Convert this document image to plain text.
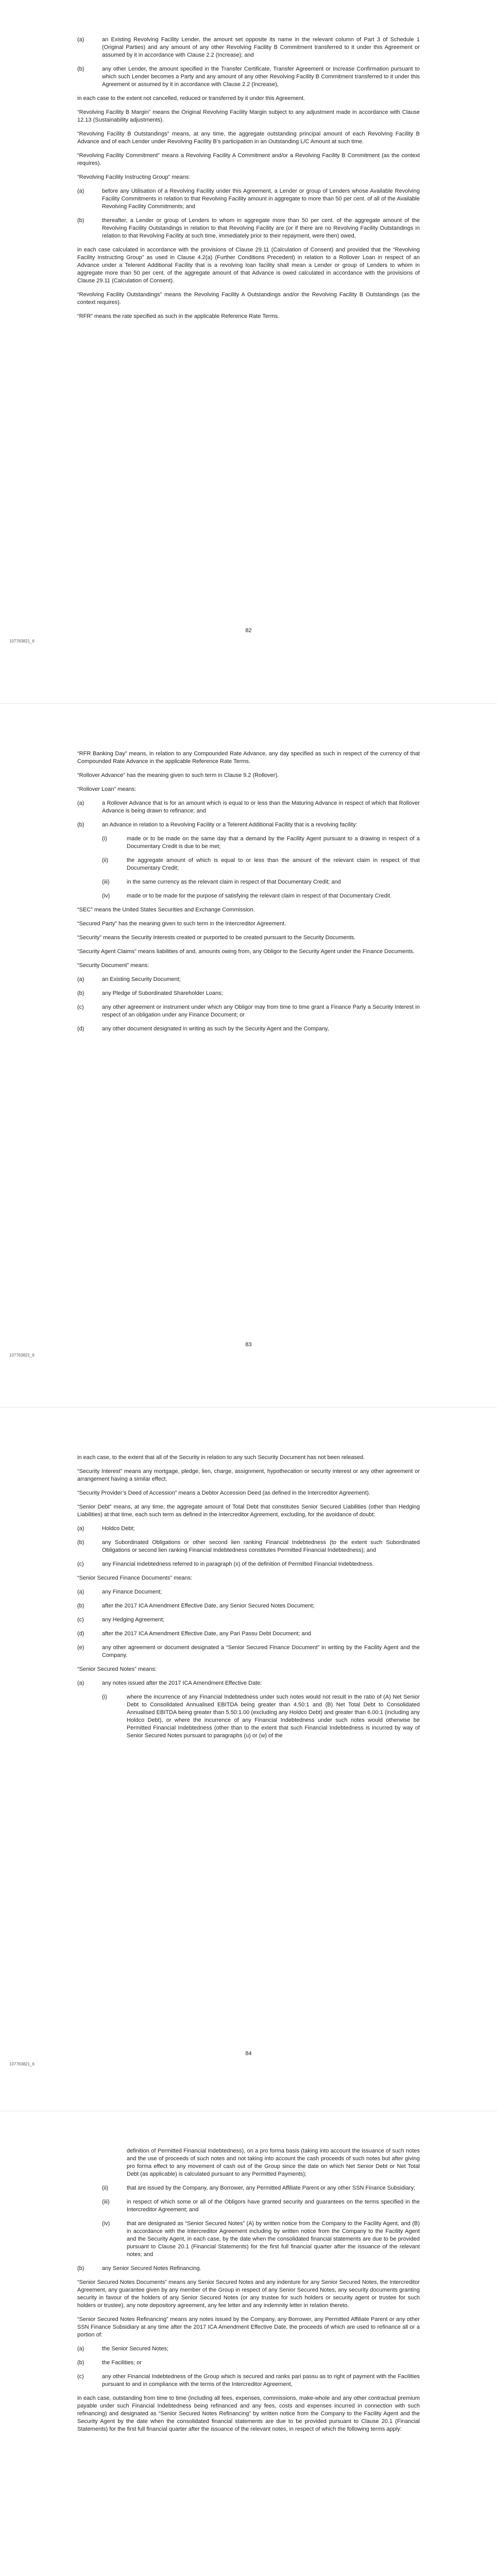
(a)	an Existing Revolving Facility Lender, the amount set opposite its name in the relevant column of Part 3 of Schedule 1 (Original Parties) and any amount of any other Revolving Facility B Commitment transferred to it under this Agreement or assumed by it in accordance with Clause 2.2 (Increase); and
(b)	any other Lender, the amount specified in the Transfer Certificate, Transfer Agreement or Increase Confirmation pursuant to which such Lender becomes a Party and any amount of any other Revolving Facility B Commitment transferred to it under this Agreement or assumed by it in accordance with Clause 2.2 (Increase),

in each case to the extent not cancelled, reduced or transferred by it under this Agreement.

“Revolving Facility B Margin” means the Original Revolving Facility Margin subject to any adjustment made in accordance with Clause 12.13 (Sustainability adjustments).

“Revolving Facility B Outstandings” means, at any time, the aggregate outstanding principal amount of each Revolving Facility B Advance and of each Lender under Revolving Facility B’s participation in an Outstanding L/C Amount at such time.

“Revolving Facility Commitment” means a Revolving Facility A Commitment and/or a Revolving Facility B Commitment (as the context requires).

“Revolving Facility Instructing Group” means:

(a)	before any Utilisation of a Revolving Facility under this Agreement, a Lender or group of Lenders whose Available Revolving Facility Commitments in relation to that Revolving Facility amount in aggregate to more than 50 per cent. of all of the Available Revolving Facility Commitments; and
(b)	thereafter, a Lender or group of Lenders to whom in aggregate more than 50 per cent. of the aggregate amount of the Revolving Facility Outstandings in relation to that Revolving Facility are (or if there are no Revolving Facility Outstandings in relation to that Revolving Facility at such time, immediately prior to their repayment, were then) owed,

in each case calculated in accordance with the provisions of Clause 29.11 (Calculation of Consent) and provided that the “Revolving Facility Instructing Group” as used in Clause 4.2(a) (Further Conditions Precedent) in relation to a Rollover Loan in respect of an Advance under a Telerent Additional Facility that is a revolving loan facility shall mean a Lender or group of Lenders to whom in aggregate more than 50 per cent. of the aggregate amount of that Advance is owed calculated in accordance with the provisions of Clause 29.11 (Calculation of Consent).

“Revolving Facility Outstandings” means the Revolving Facility A Outstandings and/or the Revolving Facility B Outstandings (as the context requires).

“RFR” means the rate specified as such in the applicable Reference Rate Terms.

82
107763821_6

“RFR Banking Day” means, in relation to any Compounded Rate Advance, any day specified as such in respect of the currency of that Compounded Rate Advance in the applicable Reference Rate Terms.

“Rollover Advance” has the meaning given to such term in Clause 9.2 (Rollover).

“Rollover Loan” means:

(a)	a Rollover Advance that is for an amount which is equal to or less than the Maturing Advance in respect of which that Rollover Advance is being drawn to refinance; and
(b)	an Advance in relation to a Revolving Facility or a Telerent Additional Facility that is a revolving facility:
(i)	made or to be made on the same day that a demand by the Facility Agent pursuant to a drawing in respect of a Documentary Credit is due to be met;
(ii)	the aggregate amount of which is equal to or less than the amount of the relevant claim in respect of that Documentary Credit;
(iii)	in the same currency as the relevant claim in respect of that Documentary Credit; and
(iv)	made or to be made for the purpose of satisfying the relevant claim in respect of that Documentary Credit.

“SEC” means the United States Securities and Exchange Commission.

“Secured Party” has the meaning given to such term in the Intercreditor Agreement.

“Security” means the Security Interests created or purported to be created pursuant to the Security Documents.

“Security Agent Claims” means liabilities of and, amounts owing from, any Obligor to the Security Agent under the Finance Documents.

“Security Document” means:

(a)	an Existing Security Document;
(b)	any Pledge of Subordinated Shareholder Loans;
(c)	any other agreement or instrument under which any Obligor may from time to time grant a Finance Party a Security Interest in respect of an obligation under any Finance Document; or
(d)	any other document designated in writing as such by the Security Agent and the Company,
83
107763821_6

in each case, to the extent that all of the Security in relation to any such Security Document has not been released.

“Security Interest” means any mortgage, pledge, lien, charge, assignment, hypothecation or security interest or any other agreement or arrangement having a similar effect.

“Security Provider’s Deed of Accession” means a Debtor Accession Deed (as defined in the Intercreditor Agreement).

“Senior Debt” means, at any time, the aggregate amount of Total Debt that constitutes Senior Secured Liabilities (other than Hedging Liabilities) at that time, each such term as defined in the Intercreditor Agreement, excluding, for the avoidance of doubt:

(a)	Holdco Debt;
(b)	any Subordinated Obligations or other second lien ranking Financial Indebtedness (to the extent such Subordinated Obligations or second lien ranking Financial Indebtedness constitutes Permitted Financial Indebtedness); and
(c)	any Financial Indebtedness referred to in paragraph (x) of the definition of Permitted Financial Indebtedness.

“Senior Secured Finance Documents” means:

(a)	any Finance Document;
(b)	after the 2017 ICA Amendment Effective Date, any Senior Secured Notes Document;
(c)	any Hedging Agreement;
(d)	after the 2017 ICA Amendment Effective Date, any Pari Passu Debt Document; and
(e)	any other agreement or document designated a “Senior Secured Finance Document” in writing by the Facility Agent and the Company.

“Senior Secured Notes” means:

(a)	any notes issued after the 2017 ICA Amendment Effective Date:
(i)	where the incurrence of any Financial Indebtedness under such notes would not result in the ratio of (A) Net Senior Debt to Consolidated Annualised EBITDA being greater than 4.50:1 and (B) Net Total Debt to Consolidated Annualised EBITDA being greater than 5.50:1.00 (excluding any Holdco Debt) and greater than 6.00:1 (including any Holdco Debt), or where the incurrence of any Financial Indebtedness under such notes would otherwise be Permitted Financial Indebtedness (other than to the extent that such Financial Indebtedness is incurred by way of Senior Secured Notes pursuant to paragraphs (u) or (w) of the
84
107763821_6

definition of Permitted Financial Indebtedness), on a pro forma basis (taking into account the issuance of such notes and the use of proceeds of such notes and not taking into account the cash proceeds of such notes but after giving pro forma effect to any movement of cash out of the Group since the date on which Net Senior Debt or Net Total Debt (as applicable) is calculated pursuant to any Permitted Payments);

(ii)	that are issued by the Company, any Borrower, any Permitted Affiliate Parent or any other SSN Finance Subsidiary;
(iii)	in respect of which some or all of the Obligors have granted security and guarantees on the terms specified in the Intercreditor Agreement; and
(iv)	that are designated as “Senior Secured Notes” (A) by written notice from the Company to the Facility Agent, and (B) in accordance with the Intercreditor Agreement including by written notice from the Company to the Facility Agent and the Security Agent, in each case, by the date when the consolidated financial statements are due to be provided pursuant to Clause 20.1 (Financial Statements) for the first full financial quarter after the issuance of the relevant notes; and
(b)	any Senior Secured Notes Refinancing.

“Senior Secured Notes Documents” means any Senior Secured Notes and any indenture for any Senior Secured Notes, the Intercreditor Agreement, any guarantee given by any member of the Group in respect of any Senior Secured Notes, any security documents granting security in favour of the holders of any Senior Secured Notes (or any trustee for such holders or security agent or trustee for such holders or trustee), any note depository agreement, any fee letter and any indemnity letter in relation thereto.

“Senior Secured Notes Refinancing” means any notes issued by the Company, any Borrower, any Permitted Affiliate Parent or any other SSN Finance Subsidiary at any time after the 2017 ICA Amendment Effective Date, the proceeds of which are used to refinance all or a portion of:

(a)	the Senior Secured Notes;
(b)	the Facilities; or
(c)	any other Financial Indebtedness of the Group which is secured and ranks pari passu as to right of payment with the Facilities pursuant to and in compliance with the terms of the Intercreditor Agreement,

in each case, outstanding from time to time (including all fees, expenses, commissions, make-whole and any other contractual premium payable under such Financial Indebtedness being refinanced and any fees, costs and expenses incurred in connection with such refinancing) and designated as “Senior Secured Notes Refinancing” by written notice from the Company to the Facility Agent and the Security Agent by the date when the consolidated financial statements are due to be provided pursuant to Clause 20.1 (Financial Statements) for the first full financial quarter after the issuance of the relevant notes, in respect of which the following terms apply:
